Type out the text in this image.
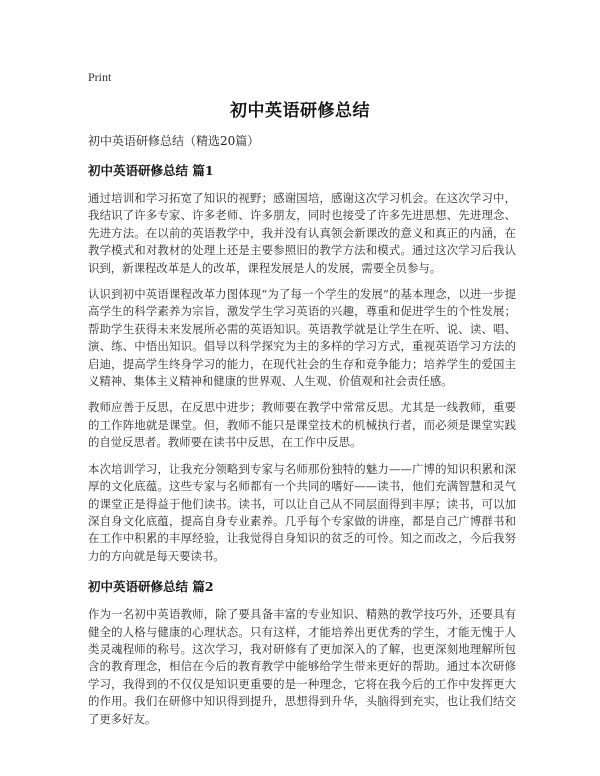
Print
初中英语研修总结
初中英语研修总结（精选20篇）
初中英语研修总结 篇1

通过培训和学习拓宽了知识的视野；感谢国培，感谢这次学习机会。在这次学习中，我结识了许多专家、许多老师、许多朋友，同时也接受了许多先进思想、先进理念、先进方法。在以前的英语教学中，我并没有认真领会新课改的意义和真正的内涵，在教学模式和对教材的处理上还是主要参照旧的教学方法和模式。通过这次学习后我认识到，新课程改革是人的改革，课程发展是人的发展，需要全员参与。

认识到初中英语课程改革力图体现“为了每一个学生的发展”的基本理念，以进一步提高学生的科学素养为宗旨，激发学生学习英语的兴趣，尊重和促进学生的个性发展；帮助学生获得未来发展所必需的英语知识。英语教学就是让学生在听、说、读、唱、演、练、中悟出知识。倡导以科学探究为主的多样的学习方式，重视英语学习方法的启迪，提高学生终身学习的能力，在现代社会的生存和竞争能力；培养学生的爱国主义精神、集体主义精神和健康的世界观、人生观、价值观和社会责任感。

教师应善于反思，在反思中进步；教师要在教学中常常反思。尤其是一线教师，重要的工作阵地就是课堂。但，教师不能只是课堂技术的机械执行者，而必须是课堂实践的自觉反思者。教师要在读书中反思，在工作中反思。

本次培训学习，让我充分领略到专家与名师那份独特的魅力——广博的知识积累和深厚的文化底蕴。这些专家与名师都有一个共同的嗜好——读书，他们充满智慧和灵气的课堂正是得益于他们读书。读书，可以让自己从不同层面得到丰厚；读书，可以加深自身文化底蕴，提高自身专业素养。几乎每个专家做的讲座，都是自己广博群书和在工作中积累的丰厚经验，让我觉得自身知识的贫乏的可怜。知之而改之，今后我努力的方向就是每天要读书。

初中英语研修总结 篇2

作为一名初中英语教师，除了要具备丰富的专业知识、精熟的教学技巧外，还要具有健全的人格与健康的心理状态。只有这样，才能培养出更优秀的学生，才能无愧于人类灵魂程师的称号。这次学习，我对研修有了更加深入的了解，也更深刻地理解所包含的教育理念，相信在今后的教育教学中能够给学生带来更好的帮助。通过本次研修学习，我得到的不仅仅是知识更重要的是一种理念，它将在我今后的工作中发挥更大的作用。我们在研修中知识得到提升，思想得到升华，头脑得到充实，也让我们结交了更多好友。
